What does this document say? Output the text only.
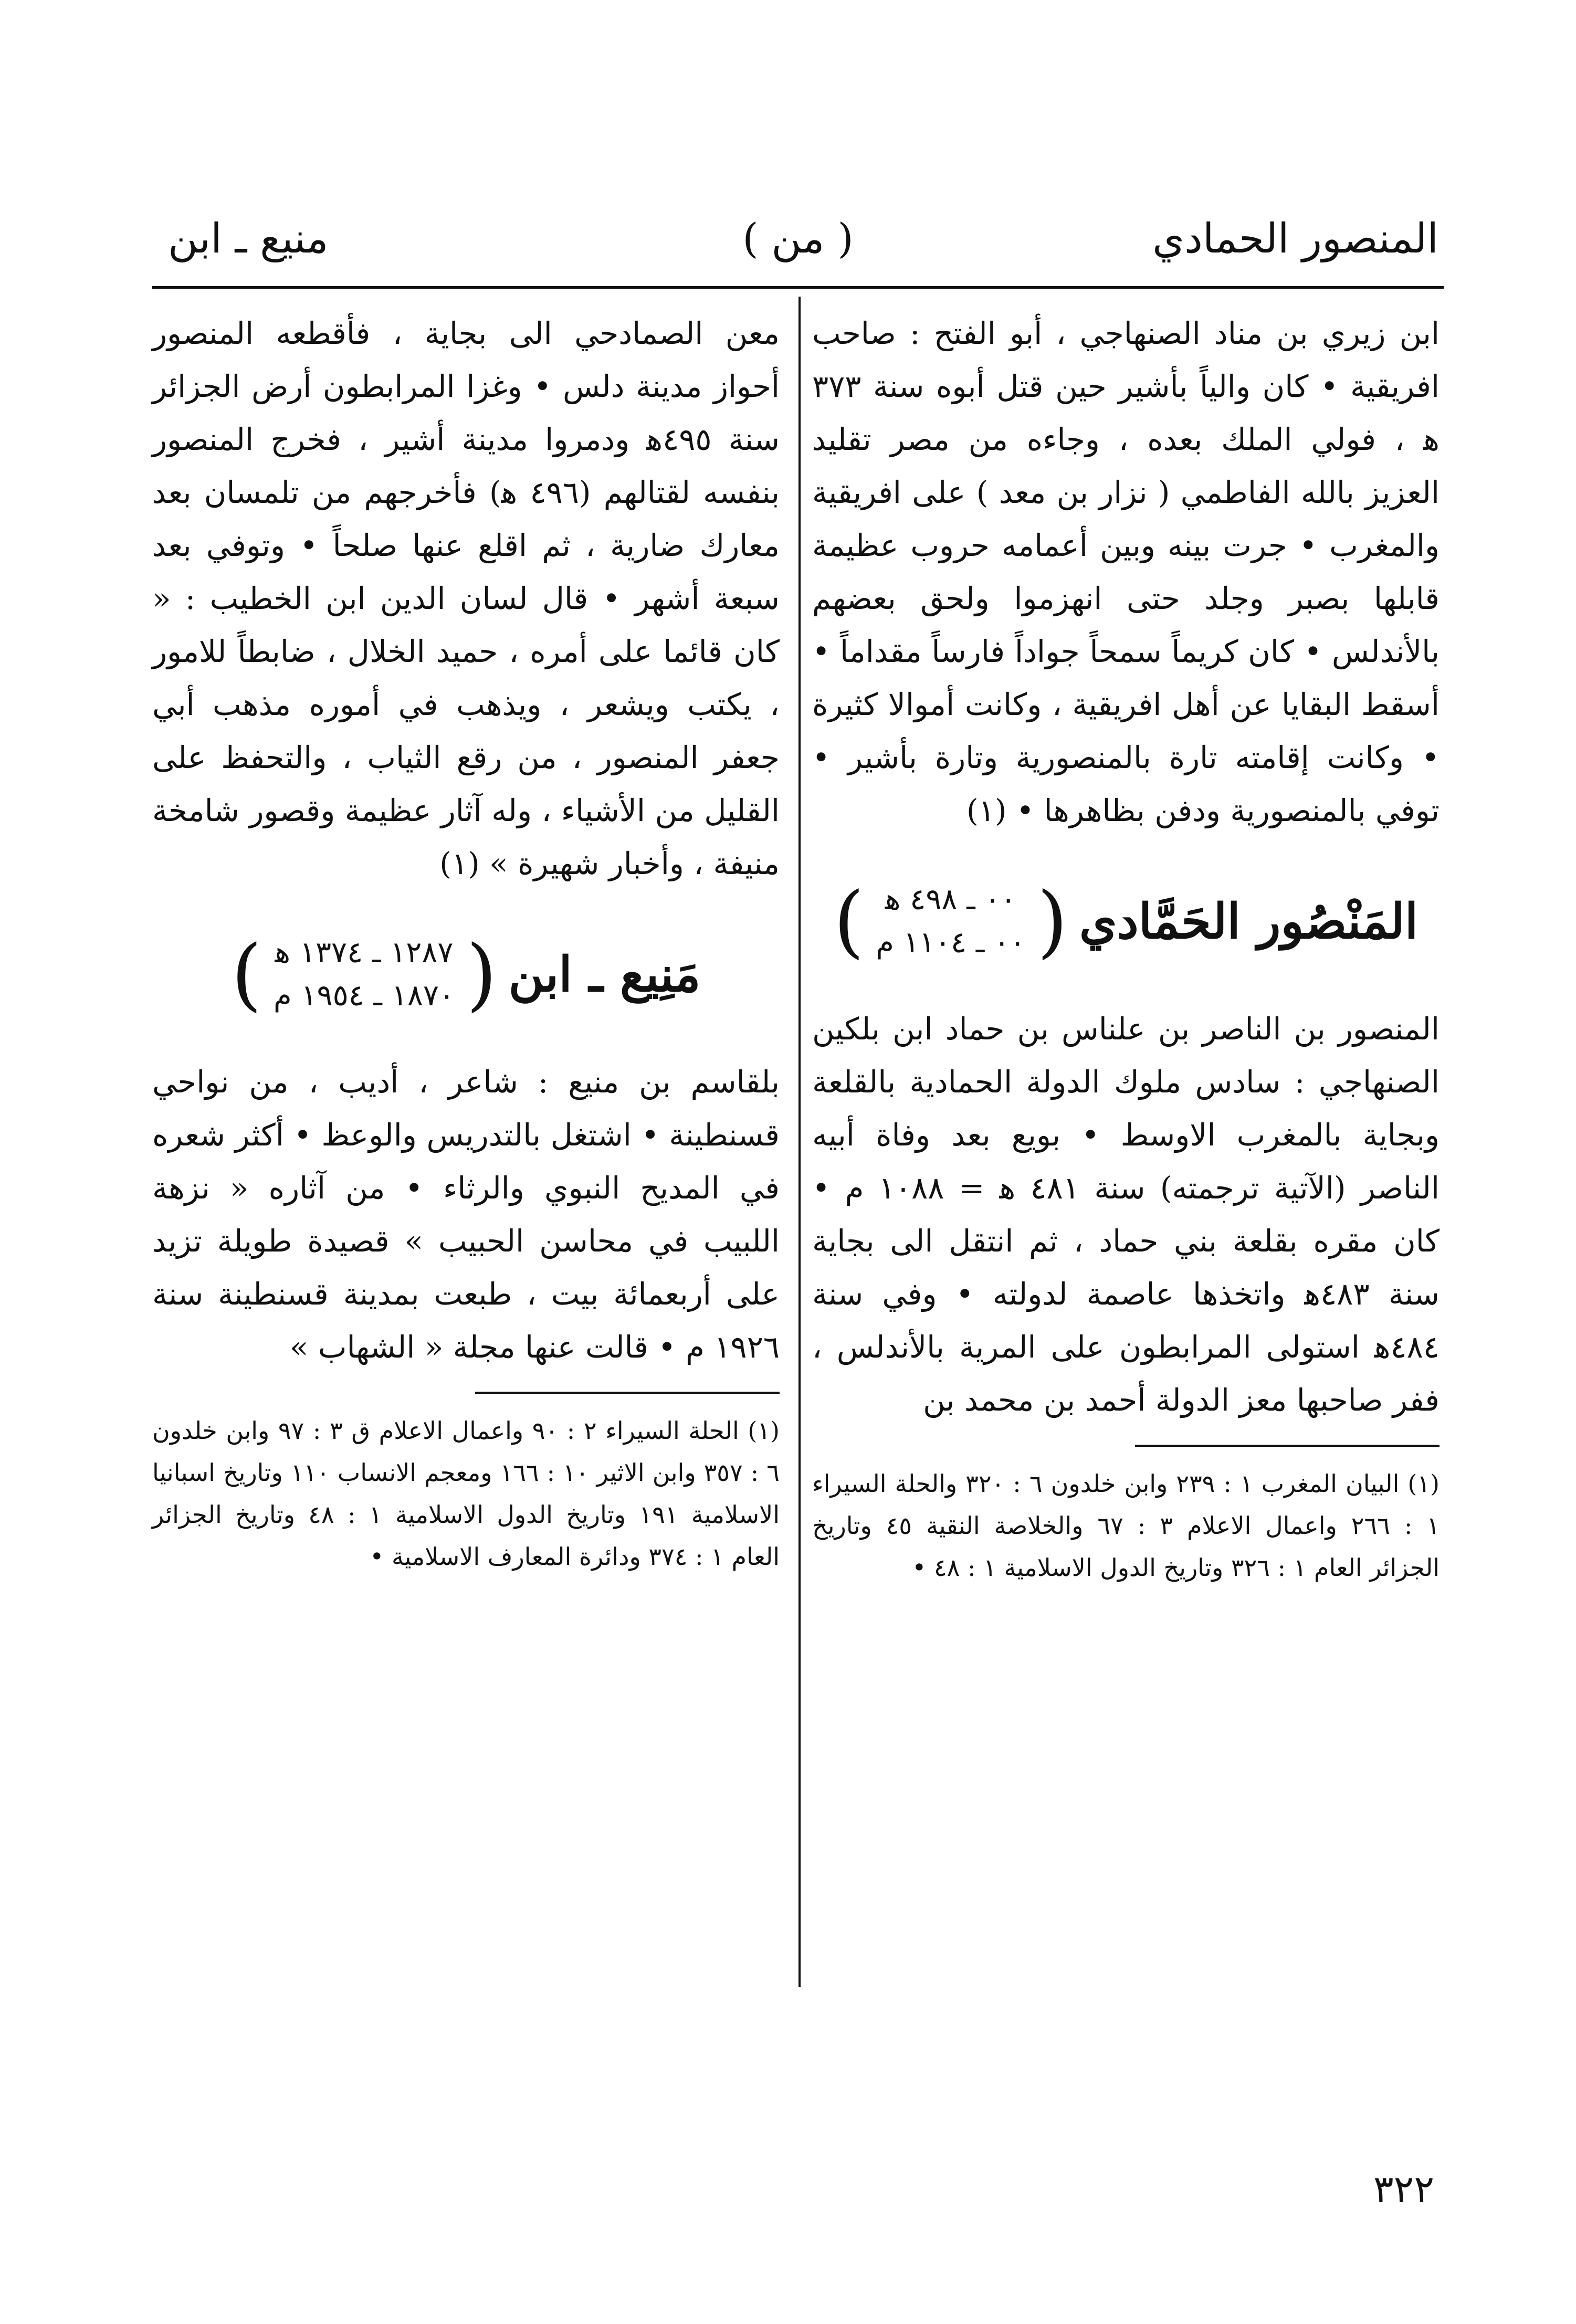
المنصور الحمادي
( من )
منيع ـ ابن

ابن زيري بن مناد الصنهاجي ، أبو الفتح : صاحب افريقية • كان والياً بأشير حين قتل أبوه سنة ٣٧٣ ﻫ ، فولي الملك بعده ، وجاءه من مصر تقليد العزيز بالله الفاطمي ( نزار بن معد ) على افريقية والمغرب • جرت بينه وبين أعمامه حروب عظيمة قابلها بصبر وجلد حتى انهزموا ولحق بعضهم بالأندلس • كان كريماً سمحاً جواداً فارساً مقداماً • أسقط البقايا عن أهل افريقية ، وكانت أموالا كثيرة • وكانت إقامته تارة بالمنصورية وتارة بأشير • توفي بالمنصورية ودفن بظاهرها • (١)

المَنْصُور الحَمَّادي
(
٠٠ ـ ٤٩٨ ﻫ
٠٠ ـ ١١٠٤ م
)

المنصور بن الناصر بن علناس بن حماد ابن بلكين الصنهاجي : سادس ملوك الدولة الحمادية بالقلعة وبجاية بالمغرب الاوسط • بويع بعد وفاة أبيه الناصر (الآتية ترجمته) سنة ٤٨١ ﻫ = ١٠٨٨ م • كان مقره بقلعة بني حماد ، ثم انتقل الى بجاية سنة ٤٨٣ﻫ واتخذها عاصمة لدولته • وفي سنة ٤٨٤ﻫ استولى المرابطون على المرية بالأندلس ، ففر صاحبها معز الدولة أحمد بن محمد بن

(١) البيان المغرب ١ : ٢٣٩ وابن خلدون ٦ : ٣٢٠ والحلة السيراء ١ : ٢٦٦ واعمال الاعلام ٣ : ٦٧ والخلاصة النقية ٤٥ وتاريخ الجزائر العام ١ : ٣٢٦ وتاريخ الدول الاسلامية ١ : ٤٨ •

معن الصمادحي الى بجاية ، فأقطعه المنصور أحواز مدينة دلس • وغزا المرابطون أرض الجزائر سنة ٤٩٥ﻫ ودمروا مدينة أشير ، فخرج المنصور بنفسه لقتالهم (٤٩٦ ﻫ) فأخرجهم من تلمسان بعد معارك ضارية ، ثم اقلع عنها صلحاً • وتوفي بعد سبعة أشهر • قال لسان الدين ابن الخطيب : « كان قائما على أمره ، حميد الخلال ، ضابطاً للامور ، يكتب ويشعر ، ويذهب في أموره مذهب أبي جعفر المنصور ، من رقع الثياب ، والتحفظ على القليل من الأشياء ، وله آثار عظيمة وقصور شامخة منيفة ، وأخبار شهيرة » (١)

مَنِيع ـ ابن
(
١٢٨٧ ـ ١٣٧٤ ﻫ
١٨٧٠ ـ ١٩٥٤ م
)

بلقاسم بن منيع : شاعر ، أديب ، من نواحي قسنطينة • اشتغل بالتدريس والوعظ • أكثر شعره في المديح النبوي والرثاء • من آثاره « نزهة اللبيب في محاسن الحبيب » قصيدة طويلة تزيد على أربعمائة بيت ، طبعت بمدينة قسنطينة سنة ١٩٢٦ م • قالت عنها مجلة « الشهاب »

(١) الحلة السيراء ٢ : ٩٠ واعمال الاعلام ق ٣ : ٩٧ وابن خلدون ٦ : ٣٥٧ وابن الاثير ١٠ : ١٦٦ ومعجم الانساب ١١٠ وتاريخ اسبانيا الاسلامية ١٩١ وتاريخ الدول الاسلامية ١ : ٤٨ وتاريخ الجزائر العام ١ : ٣٧٤ ودائرة المعارف الاسلامية •

٣٢٢
